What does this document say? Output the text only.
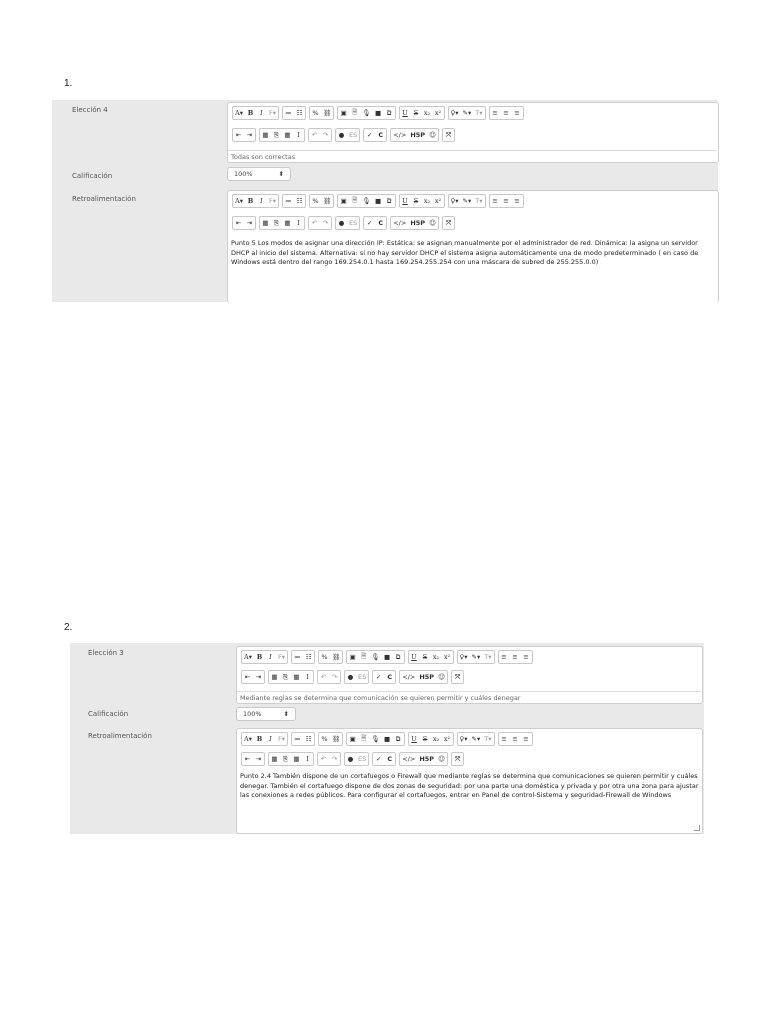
1.
Elección 4	A▾ B	I F▾	≔ ☷	% ⛓	▣ 🗎 🎙 ■ ⧉	U S x₂ x²	♀▾ ✎▾ T▾	≡ ≡ ≡
⇤ ⇥	▦ ⎘ ▦	I	↶ ↷	● ES	✓ C	</> H5P ☺	⤧
Todas son correctas
Calificación	100%	⬍
Retroalimentación	A▾ B	I F▾	≔ ☷	% ⛓	▣ 🗎 🎙 ■ ⧉	U S x₂ x²	♀▾ ✎▾ T▾	≡ ≡ ≡
⇤ ⇥	▦ ⎘ ▦	I	↶ ↷	● ES	✓ C	</> H5P ☺	⤧
Punto 5 Los modos de asignar una dirección IP: Estática: se asignan manualmente por el administrador de red. Dinámica: la asigna un servidor DHCP al inicio del sistema. Alternativa: si no hay servidor DHCP el sistema asigna automáticamente una de modo predeterminado ( en caso de Windows está dentro del rango 169.254.0.1 hasta 169.254.255.254 con una máscara de subred de 255.255.0.0)
2.
Elección 3	A▾ B	I F▾	≔ ☷	% ⛓	▣ 🗎 🎙 ■ ⧉	U S x₂ x²	♀▾ ✎▾ T▾	≡ ≡ ≡
⇤ ⇥	▦ ⎘ ▦	I	↶ ↷	● ES	✓ C	</> H5P ☺	⤧
Mediante reglas se determina que comunicación se quieren permitir y cuáles denegar
Calificación	100%	⬍
Retroalimentación	A▾ B	I F▾	≔ ☷	% ⛓	▣ 🗎 🎙 ■ ⧉	U S x₂ x²	♀▾ ✎▾ T▾	≡ ≡ ≡
⇤ ⇥	▦ ⎘ ▦	I	↶ ↷	● ES	✓ C	</> H5P ☺	⤧
Punto 2.4 También dispone de un cortafuegos o Firewall que mediante reglas se determina que comunicaciones se quieren permitir y cuáles denegar. También el cortafuego dispone de dos zonas de seguridad: por una parte una doméstica y privada y por otra una zona para ajustar las conexiones a redes públicos. Para configurar el cortafuegos, entrar en Panel de control-Sistema y seguridad-Firewall de Windows
